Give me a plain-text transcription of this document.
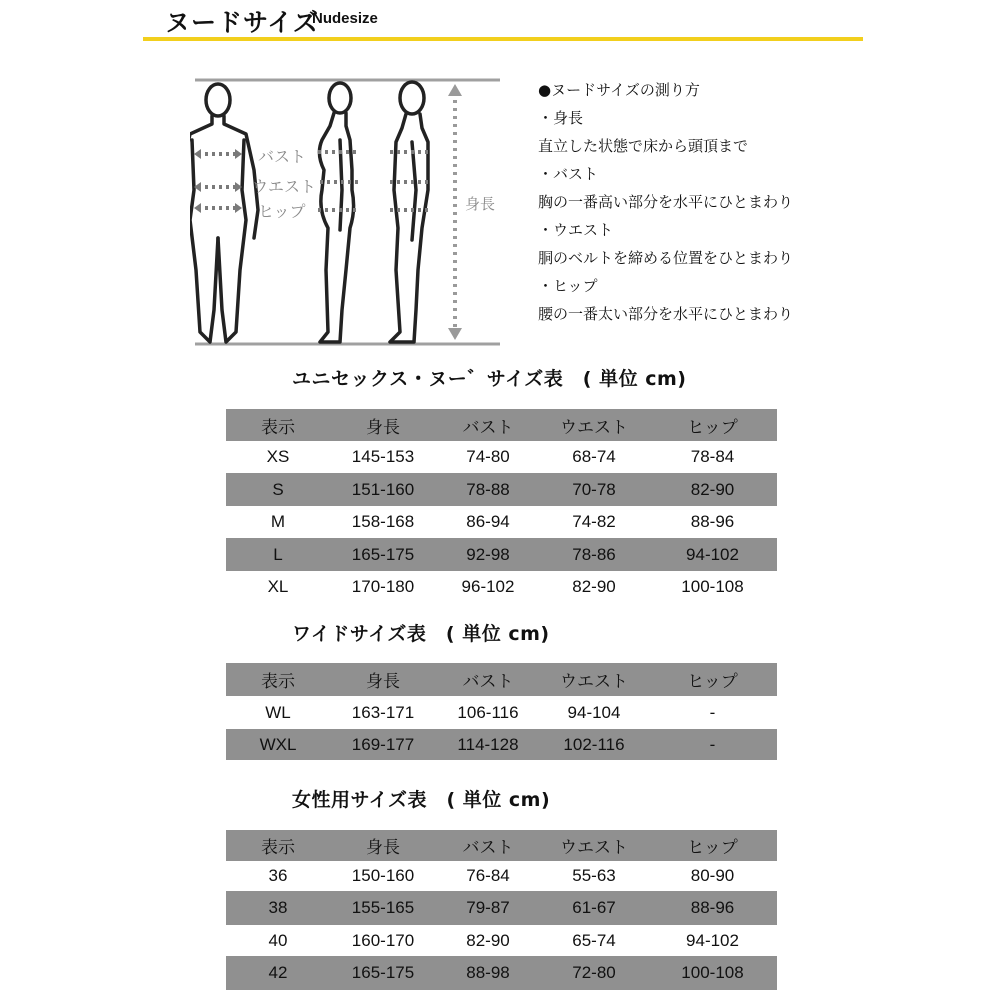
ヌードサイズ
Nudesize
バスト
ウエスト
ヒップ	身長
●ヌードサイズの測り方
・身長
直立した状態で床から頭頂まで
・バスト
胸の一番高い部分を水平にひとまわり
・ウエスト
胴のベルトを締める位置をひとまわり
・ヒップ
腰の一番太い部分を水平にひとまわり
ユニセックス・ヌー゛サイズ表　( 単位 cm)
表示	身長	バスト	ウエスト	ヒップ
XS	145-153	74-80	68-74	78-84
S	151-160	78-88	70-78	82-90
M	158-168	86-94	74-82	88-96
L	165-175	92-98	78-86	94-102
XL	170-180	96-102	82-90	100-108
ワイドサイズ表　( 単位 cm)
表示	身長	バスト	ウエスト	ヒップ
WL	163-171	106-116	94-104	-
WXL	169-177	114-128	102-116	-
女性用サイズ表　( 単位 cm)
表示	身長	バスト	ウエスト	ヒップ
36	150-160	76-84	55-63	80-90
38	155-165	79-87	61-67	88-96
40	160-170	82-90	65-74	94-102
42	165-175	88-98	72-80	100-108
